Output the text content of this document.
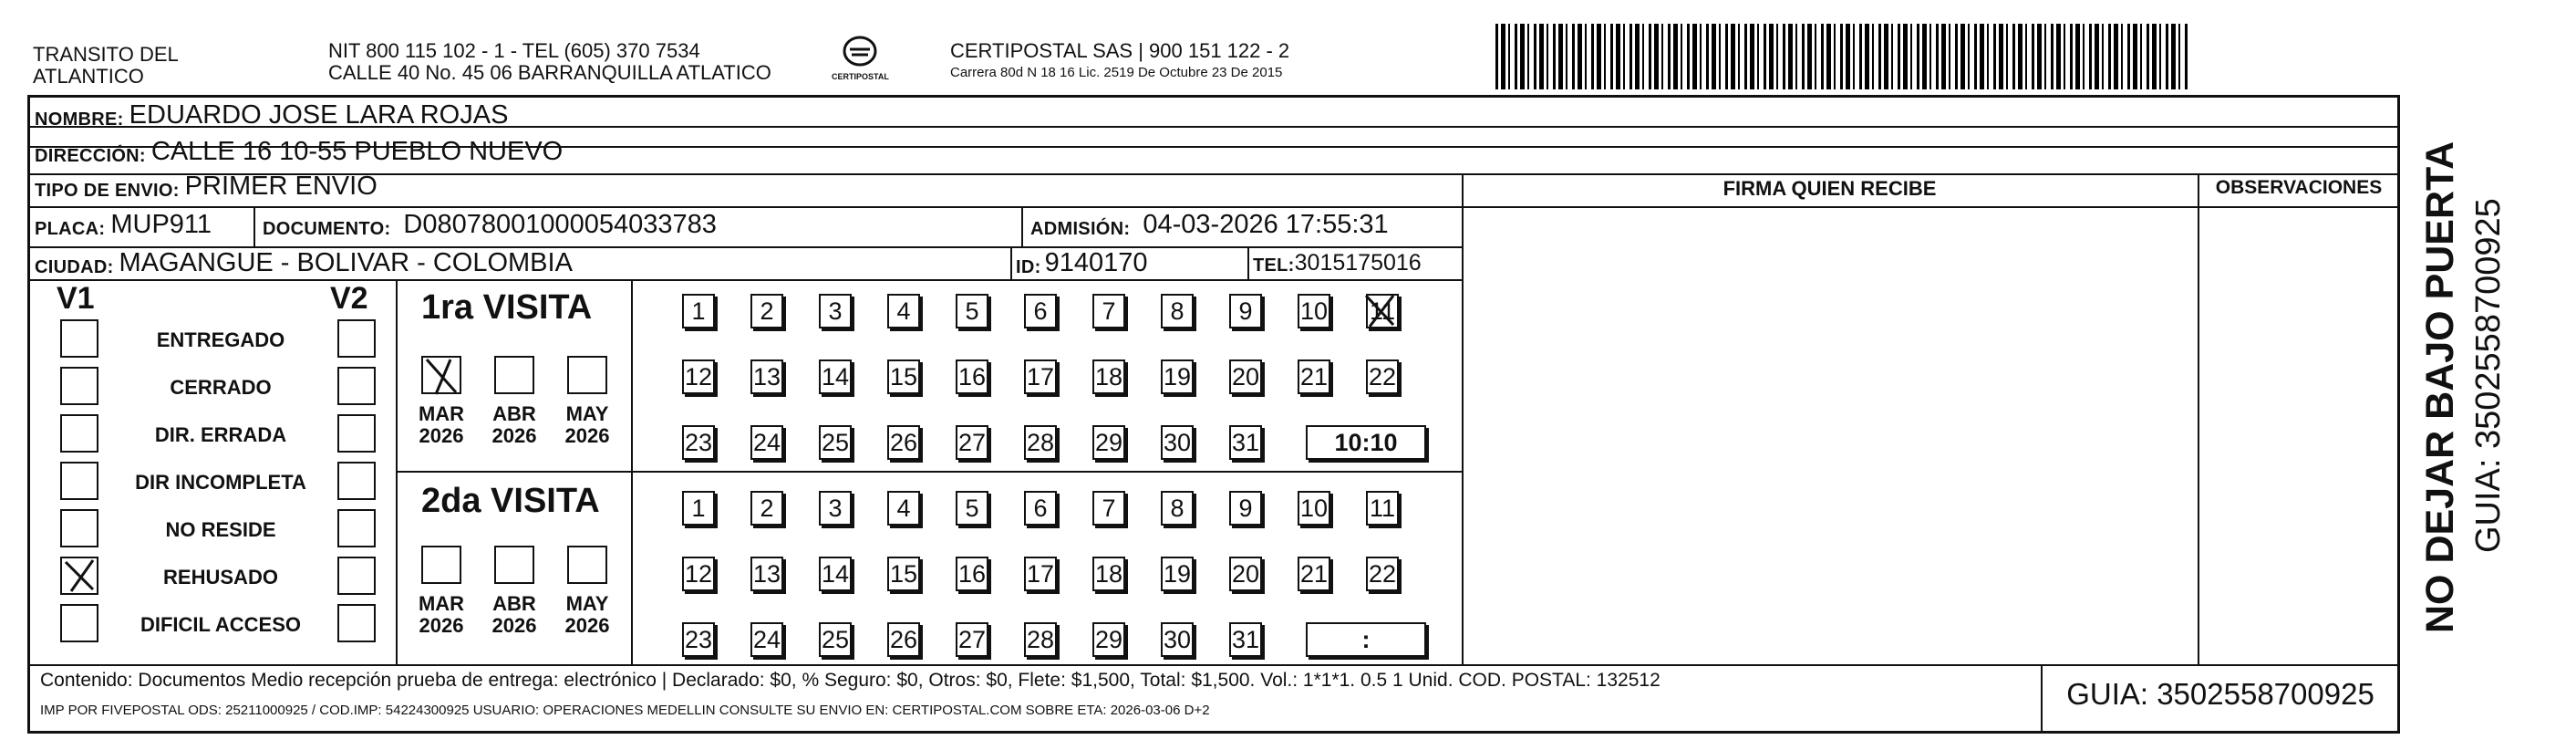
TRANSITO DEL
ATLANTICO
NIT 800 115 102 - 1 - TEL (605) 370 7534
CALLE 40 No. 45 06 BARRANQUILLA ATLATICO	CERTIPOSTAL
CERTIPOSTAL SAS | 900 151 122 - 2
Carrera 80d N 18 16 Lic. 2519 De Octubre 23 De 2015
NOMBRE: EDUARDO JOSE LARA ROJAS
DIRECCIÓN: CALLE 16 10-55 PUEBLO NUEVO
TIPO DE ENVIO: PRIMER ENVIO	FIRMA QUIEN RECIBE	OBSERVACIONES
PLACA: MUP911	DOCUMENTO: D08078001000054033783	ADMISIÓN: 04-03-2026 17:55:31
CIUDAD: MAGANGUE - BOLIVAR - COLOMBIA	ID: 9140170	TEL: 3015175016
V1	V2
ENTREGADO
CERRADO
DIR. ERRADA
DIR INCOMPLETA
NO RESIDE
REHUSADO
DIFICIL ACCESO
1ra VISITA
2da VISITA
MAR
2026
ABR
2026
MAY
2026
MAR
2026
ABR
2026
MAY
2026
1	2	3	4	5	6	7	8	9	10 11
12 13 14 15 16 17 18 19 20 21 22
23 24 25 26 27 28 29 30 31	10:10
1	2	3	4	5	6	7	8	9	10 11
12 13 14 15 16 17 18 19 20 21 22
23 24 25 26 27 28 29 30 31	:
Contenido: Documentos Medio recepción prueba de entrega: electrónico | Declarado: $0, % Seguro: $0, Otros: $0, Flete: $1,500, Total: $1,500. Vol.: 1*1*1. 0.5 1 Unid. COD. POSTAL: 132512
IMP POR FIVEPOSTAL ODS: 25211000925 / COD.IMP: 54224300925 USUARIO: OPERACIONES MEDELLIN CONSULTE SU ENVIO EN: CERTIPOSTAL.COM SOBRE ETA: 2026-03-06 D+2	GUIA: 3502558700925
NO DEJAR BAJO PUERTA GUIA: 3502558700925
